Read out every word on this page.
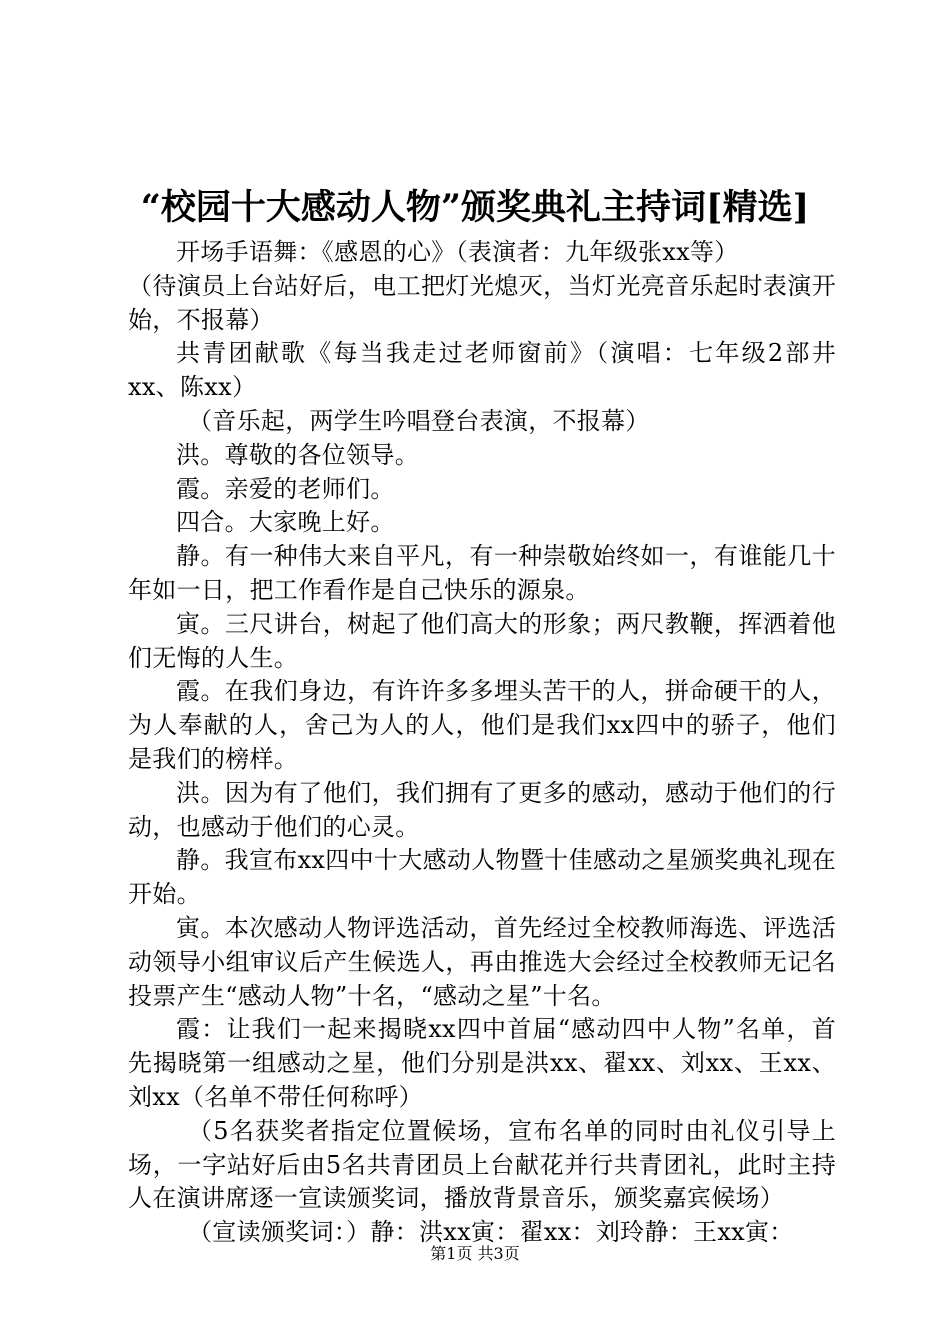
“校园十大感动人物”颁奖典礼主持词[精选]

开场手语舞：《感恩的心》（表演者：九年级张xx等）

（待演员上台站好后，电工把灯光熄灭，当灯光亮音乐起时表演开始，不报幕）

共青团献歌《每当我走过老师窗前》（演唱：七年级2部井xx、陈xx）

（音乐起，两学生吟唱登台表演，不报幕）

洪。尊敬的各位领导。

霞。亲爱的老师们。

四合。大家晚上好。

静。有一种伟大来自平凡，有一种崇敬始终如一，有谁能几十年如一日，把工作看作是自己快乐的源泉。

寅。三尺讲台，树起了他们高大的形象；两尺教鞭，挥洒着他们无悔的人生。

霞。在我们身边，有许许多多埋头苦干的人，拼命硬干的人，为人奉献的人，舍己为人的人，他们是我们xx四中的骄子，他们是我们的榜样。

洪。因为有了他们，我们拥有了更多的感动，感动于他们的行动，也感动于他们的心灵。

静。我宣布xx四中十大感动人物暨十佳感动之星颁奖典礼现在开始。

寅。本次感动人物评选活动，首先经过全校教师海选、评选活动领导小组审议后产生候选人，再由推选大会经过全校教师无记名投票产生“感动人物”十名，“感动之星”十名。

霞：让我们一起来揭晓xx四中首届“感动四中人物”名单，首先揭晓第一组感动之星，他们分别是洪xx、翟xx、刘xx、王xx、刘xx（名单不带任何称呼）

（5名获奖者指定位置候场，宣布名单的同时由礼仪引导上场，一字站好后由5名共青团员上台献花并行共青团礼，此时主持人在演讲席逐一宣读颁奖词，播放背景音乐，颁奖嘉宾候场）

（宣读颁奖词：）静：洪xx寅：翟xx：刘玲静：王xx寅：

第1页 共3页
